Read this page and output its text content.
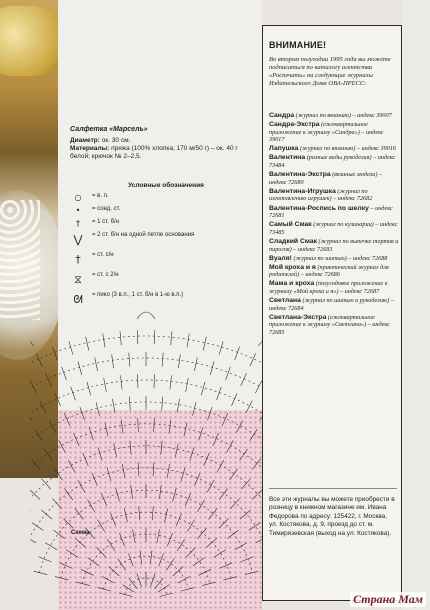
Салфетка «Марсель»
Диаметр: ок. 30 см.
Материалы: пряжа (100% хлопка; 170 м/50 г) – ок. 40 г белой; крючок № 2–2,5.
Условные обозначения
○	= в. п.
•	= соед. ст.
†	= 1 ст. б/н
⋁	= 2 ст. б/н на одной петле основания
†	= ст. с/н
⧖	= ст. с 2/н
ᘛ	= пико (3 в.п., 1 ст. б/н в 1-ю в.п.)
Схема
ВНИМАНИЕ!
Во втором полугодии 1995 года вы можете подписаться по каталогу агентства «Роспечать» на следующие журналы Издательского Дома ОВА-ПРЕСС:
Сандра (журнал по вязанию) – индекс 39007
Сандра-Экстра (ежеквартальное приложение к журналу «Сандра») – индекс 39017
Лапушка (журнал по вязанию) – индекс 39016
Валентина (разные виды рукоделия) – индекс 73484
Валентина-Экстра (вязаные модели) – индекс 72680
Валентина-Игрушка (журнал по изготовлению игрушек) – индекс 72682
Валентина-Роспись по шелку – индекс 72681
Самый Смак (журнал по кулинарии) – индекс 73485
Сладкий Смак (журнал по выпечке тортов и пирогов) – индекс 72683
Вуаля! (журнал по шитью) – индекс 72688
Мой кроха и я (практический журнал для родителей) – индекс 72686
Мама и кроха (полугодовое приложение к журналу «Мой кроха и я») – индекс 72687
Светлана (журнал по шитью и рукоделию) – индекс 72684
Светлана-Экстра (ежеквартальное приложение к журналу «Светлана») – индекс 72685
Все эти журналы вы можете приобрести в розницу в книжном магазине им. Ивана Федорова по адресу: 125422, г. Москва, ул. Костякова, д. 9, проезд до ст. м. Тимирязевская (выход на ул. Костякова).
Страна Мам
